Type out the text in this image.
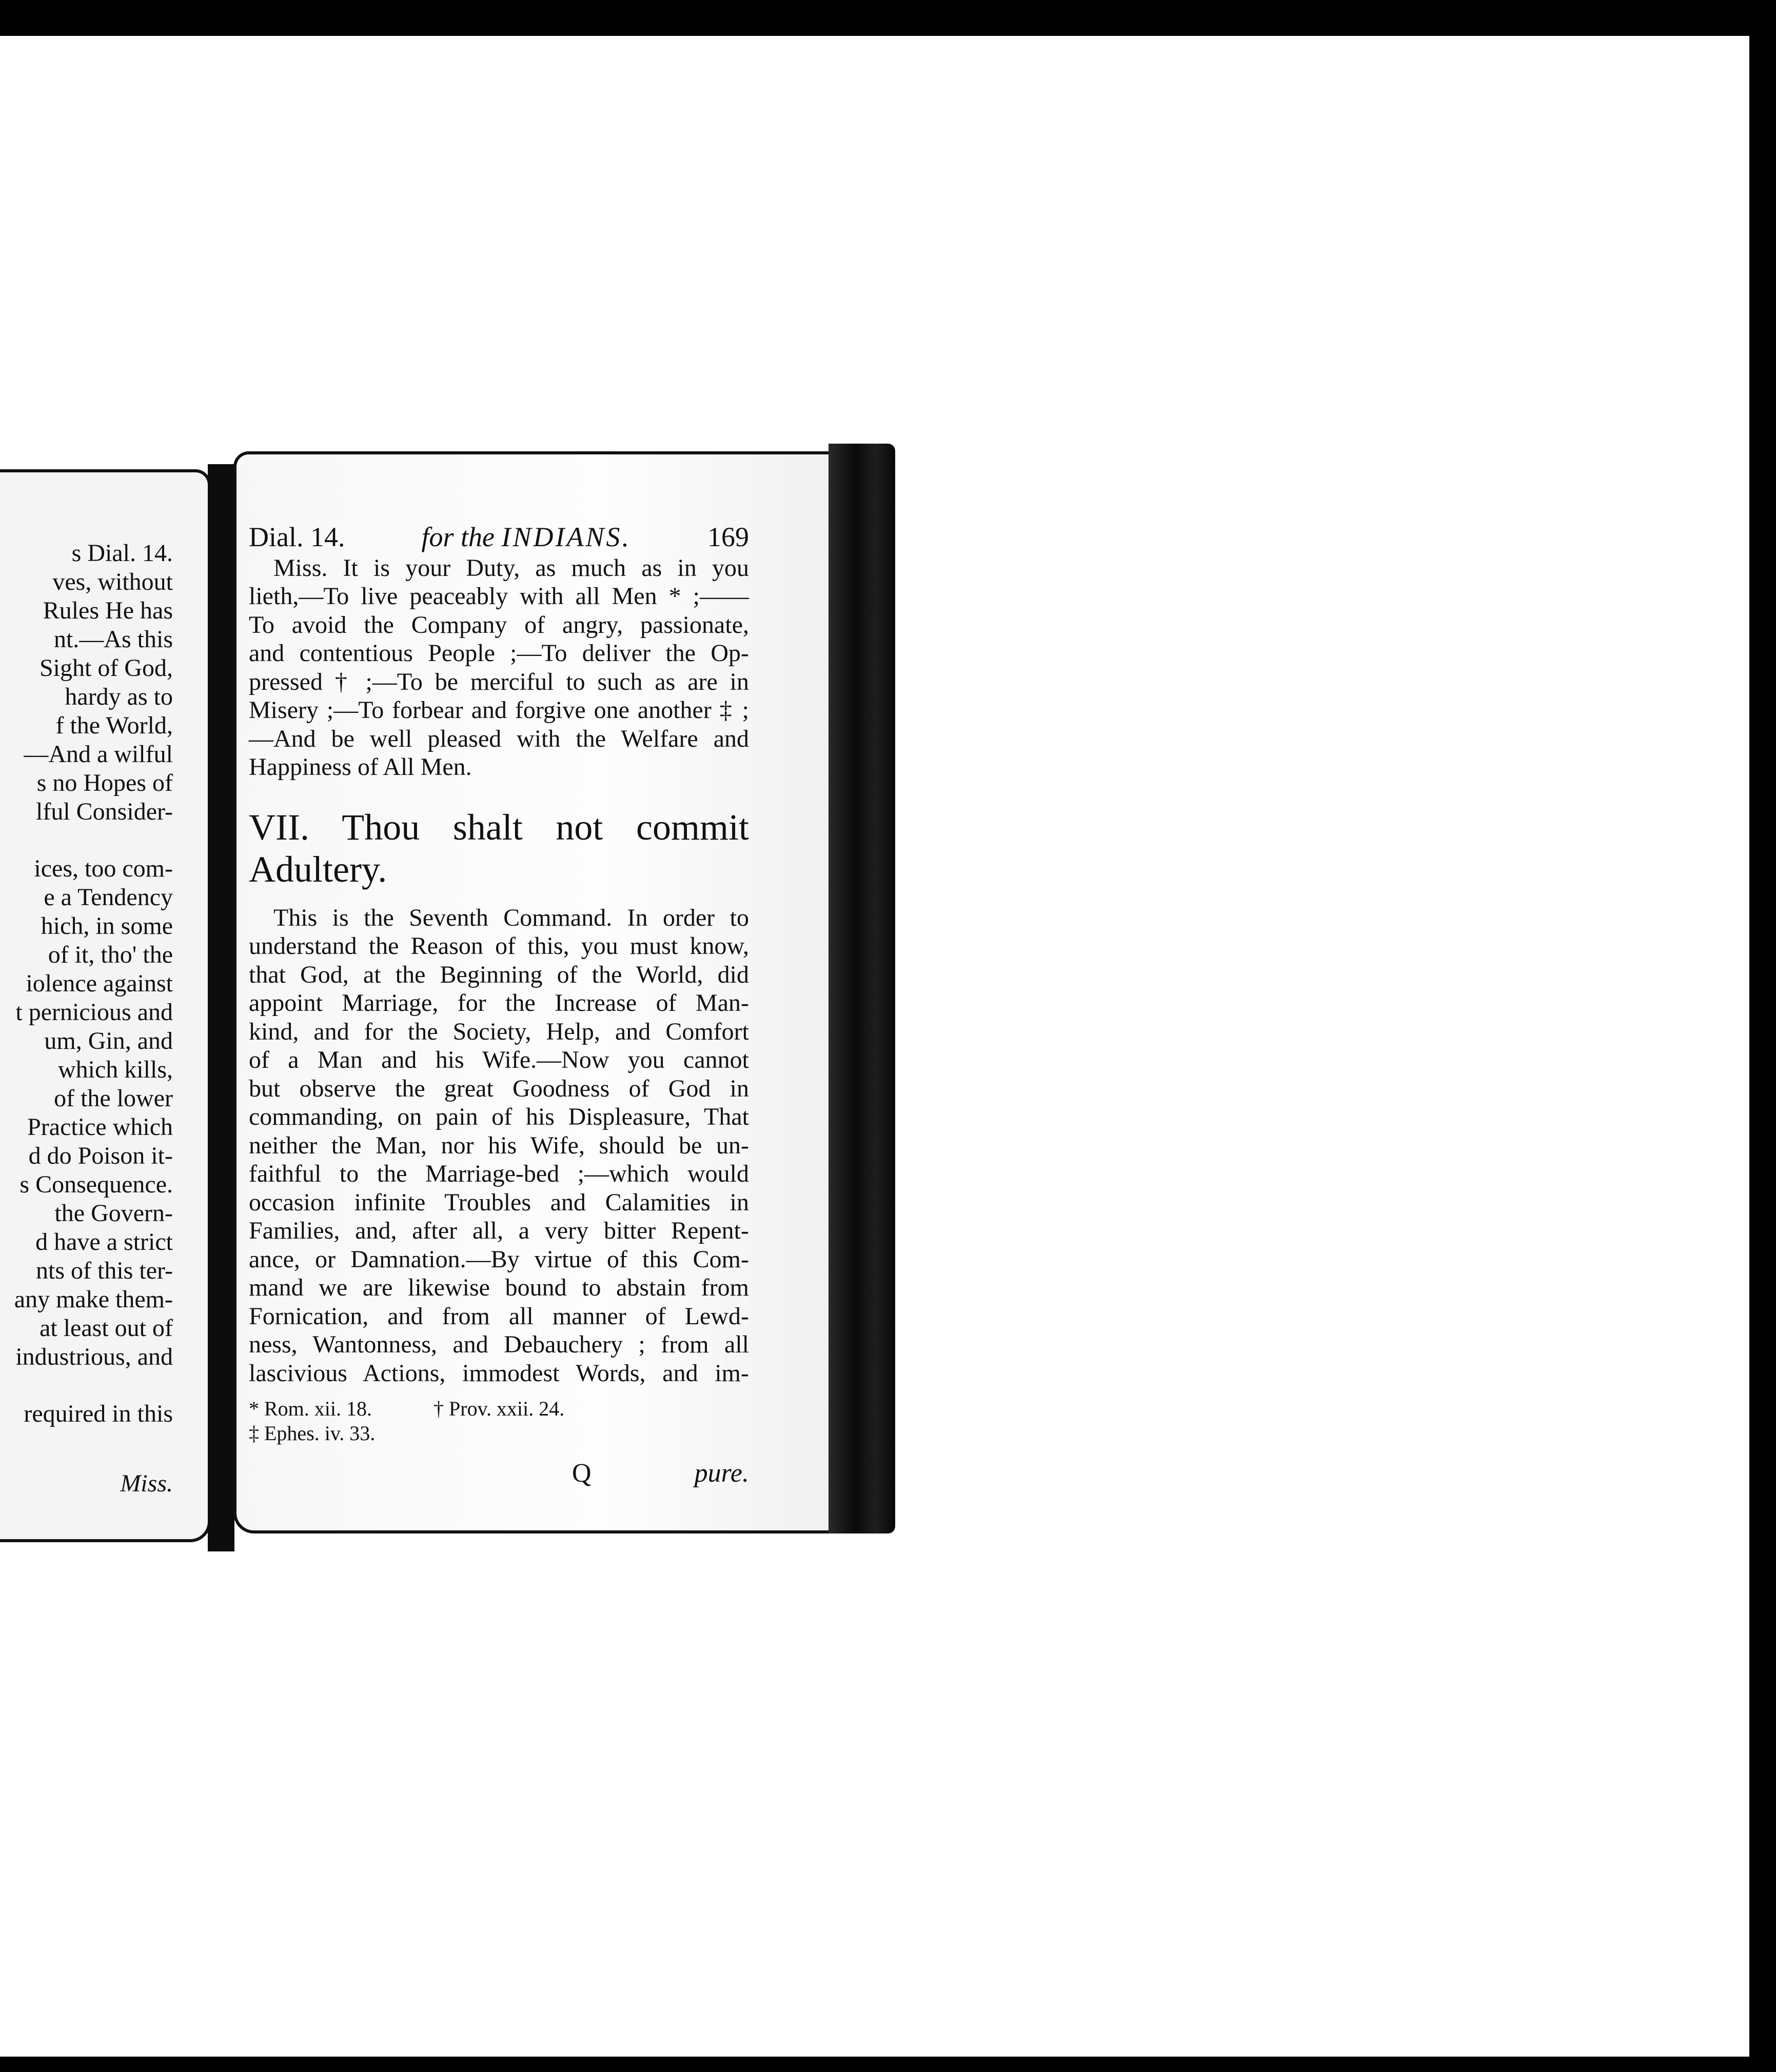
s Dial. 14.
ves, without
Rules He has
nt.—As this
Sight of God,
hardy as to
f the World,
—And a wilful
s no Hopes of
lful Consider-
ices, too com-
e a Tendency
hich, in some
of it, tho' the
iolence against
t pernicious and
um, Gin, and
which kills,
of the lower
Practice which
d do Poison it-
s Consequence.
the Govern-
d have a strict
nts of this ter-
any make them-
at least out of
industrious, and
required in this
Miss.
Dial. 14.	for the INDIANS.	169
Miss. It is your Duty, as much as in you
lieth,—To live peaceably with all Men * ;——
To avoid the Company of angry, passionate,
and contentious People ;—To deliver the Op-
pressed † ;—To be merciful to such as are in
Misery ;—To forbear and forgive one another ‡ ;
—And be well pleased with the Welfare and
Happiness of All Men.
VII. Thou shalt not commit
Adultery.
This is the Seventh Command. In order to
understand the Reason of this, you must know,
that God, at the Beginning of the World, did
appoint Marriage, for the Increase of Man-
kind, and for the Society, Help, and Comfort
of a Man and his Wife.—Now you cannot
but observe the great Goodness of God in
commanding, on pain of his Displeasure, That
neither the Man, nor his Wife, should be un-
faithful to the Marriage-bed ;—which would
occasion infinite Troubles and Calamities in
Families, and, after all, a very bitter Repent-
ance, or Damnation.—By virtue of this Com-
mand we are likewise bound to abstain from
Fornication, and from all manner of Lewd-
ness, Wantonness, and Debauchery ; from all
lascivious Actions, immodest Words, and im-
* Rom. xii. 18.	† Prov. xxii. 24.
‡ Ephes. iv. 33.
Q	pure.
